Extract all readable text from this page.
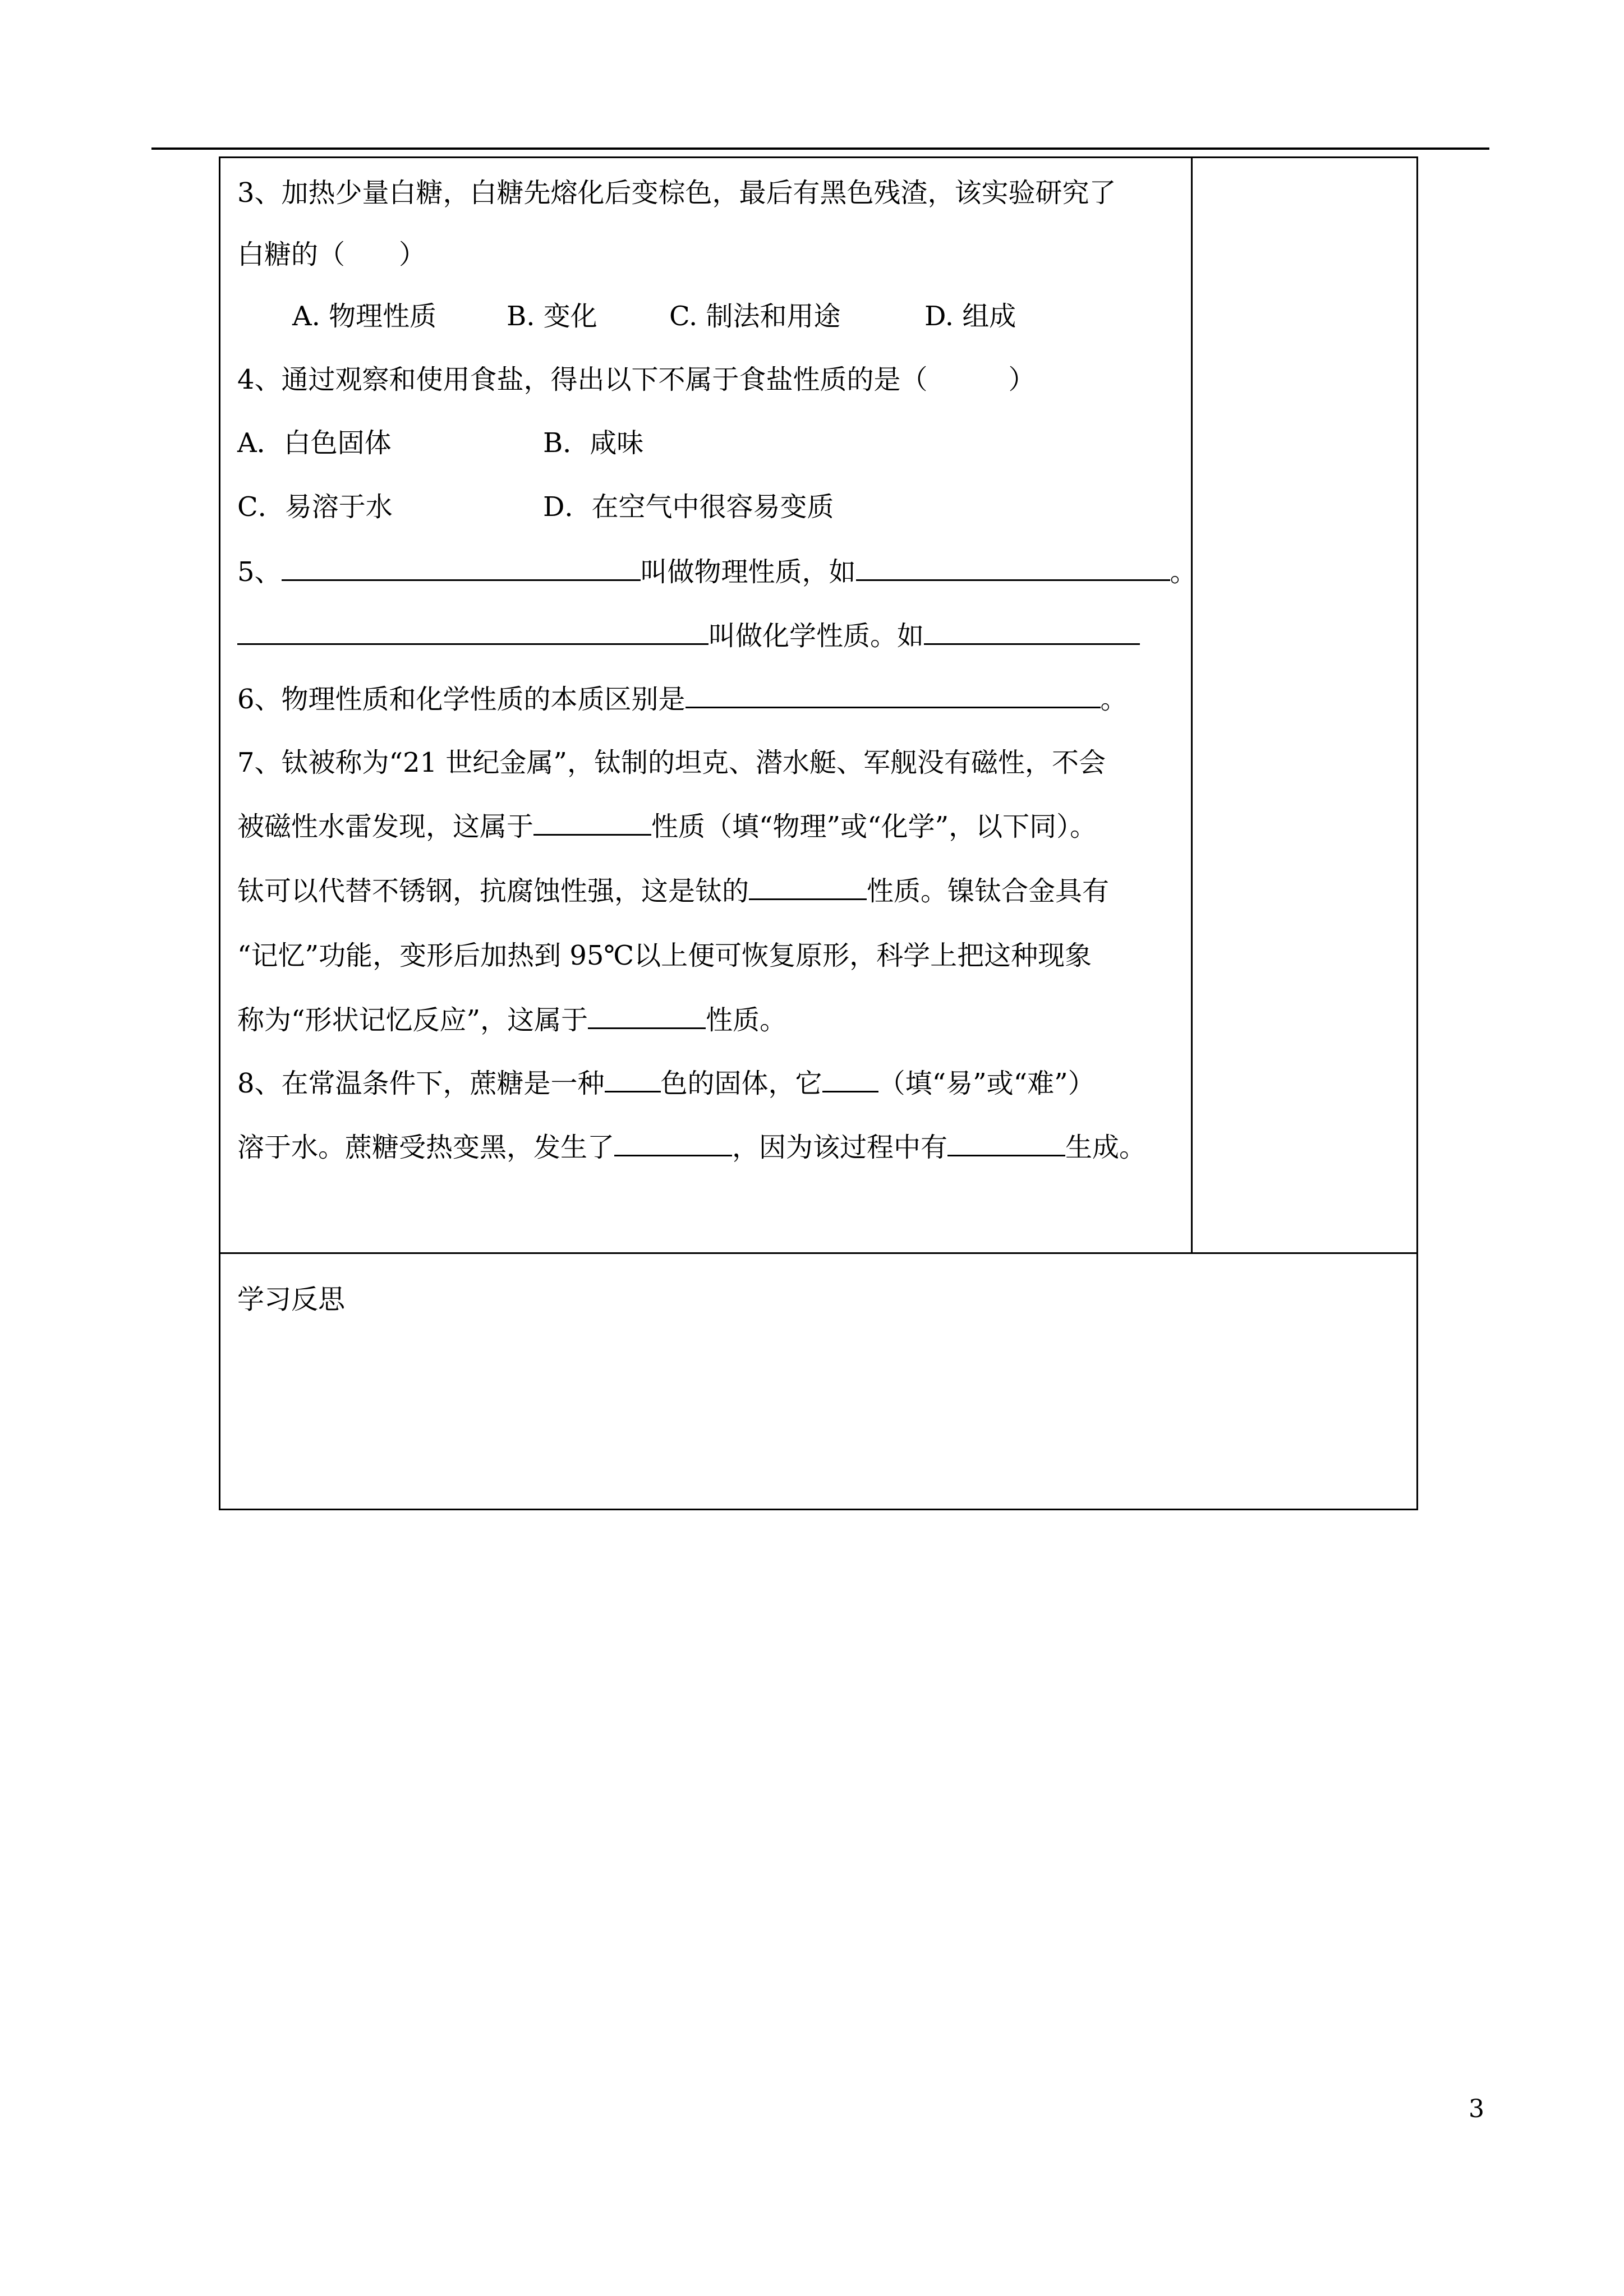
3、加热少量白糖，白糖先熔化后变棕色，最后有黑色残渣，该实验研究了
白糖的（　　）
A. 物理性质	B. 变化	C. 制法和用途	D. 组成
4、通过观察和使用食盐，得出以下不属于食盐性质的是（　　　）
A．白色固体	B．咸味
C．易溶于水	D．在空气中很容易变质
5、	叫做物理性质，如	。
叫做化学性质。如
6、物理性质和化学性质的本质区别是	。
7、钛被称为“21 世纪金属”，钛制的坦克、潜水艇、军舰没有磁性，不会
被磁性水雷发现，这属于	性质（填“物理”或“化学”，以下同）。
钛可以代替不锈钢，抗腐蚀性强，这是钛的	性质。镍钛合金具有
“记忆”功能，变形后加热到 95℃以上便可恢复原形，科学上把这种现象
称为“形状记忆反应”，这属于	性质。
8、在常温条件下，蔗糖是一种 色的固体，它 （填“易”或“难”）
溶于水。蔗糖受热变黑，发生了	，因为该过程中有	生成。
学习反思
3
